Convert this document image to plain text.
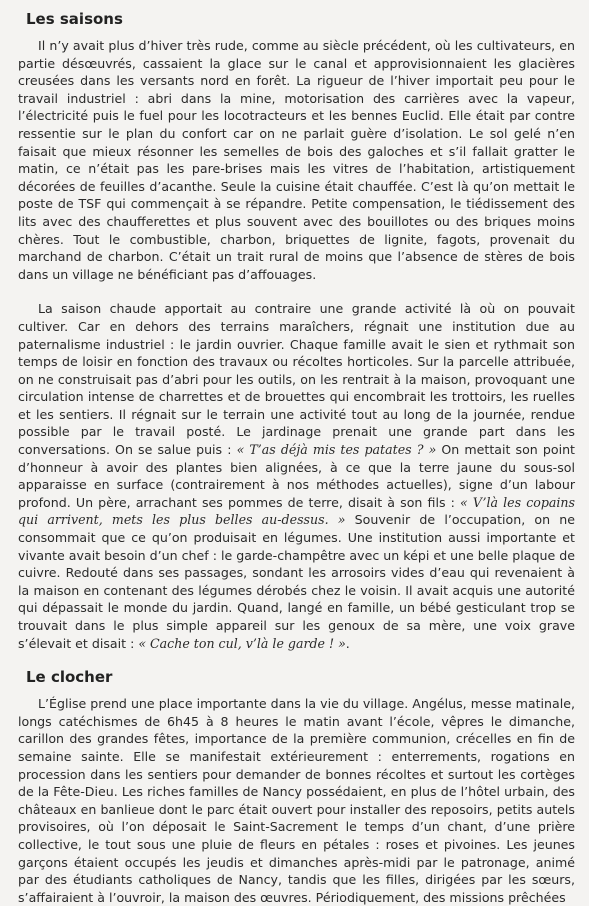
Les saisons

Il n’y avait plus d’hiver très rude, comme au siècle précédent, où les cultivateurs, en partie désœuvrés, cassaient la glace sur le canal et approvisionnaient les glacières creusées dans les versants nord en forêt. La rigueur de l’hiver importait peu pour le travail industriel : abri dans la mine, motorisation des carrières avec la vapeur, l’électricité puis le fuel pour les locotracteurs et les bennes Euclid. Elle était par contre ressentie sur le plan du confort car on ne parlait guère d’isolation. Le sol gelé n’en faisait que mieux résonner les semelles de bois des galoches et s’il fallait gratter le matin, ce n’était pas les pare-brises mais les vitres de l’habitation, artistiquement décorées de feuilles d’acanthe. Seule la cuisine était chauffée. C’est là qu’on mettait le poste de TSF qui commençait à se répandre. Petite compensation, le tiédissement des lits avec des chaufferettes et plus souvent avec des bouillotes ou des briques moins chères. Tout le combustible, charbon, briquettes de lignite, fagots, provenait du marchand de charbon. C’était un trait rural de moins que l’absence de stères de bois dans un village ne bénéficiant pas d’affouages.

La saison chaude apportait au contraire une grande activité là où on pouvait cultiver. Car en dehors des terrains maraîchers, régnait une institution due au paternalisme industriel : le jardin ouvrier. Chaque famille avait le sien et rythmait son temps de loisir en fonction des travaux ou récoltes horticoles. Sur la parcelle attribuée, on ne construisait pas d’abri pour les outils, on les rentrait à la maison, provoquant une circulation intense de charrettes et de brouettes qui encombrait les trottoirs, les ruelles et les sentiers. Il régnait sur le terrain une activité tout au long de la journée, rendue possible par le travail posté. Le jardinage prenait une grande part dans les conversations. On se salue puis : « T’as déjà mis tes patates ? » On mettait son point d’honneur à avoir des plantes bien alignées, à ce que la terre jaune du sous-sol apparaisse en surface (contrairement à nos méthodes actuelles), signe d’un labour profond. Un père, arrachant ses pommes de terre, disait à son fils : « V’là les copains qui arrivent, mets les plus belles au-dessus. » Souvenir de l’occupation, on ne consommait que ce qu’on produisait en légumes. Une institution aussi importante et vivante avait besoin d’un chef : le garde-champêtre avec un képi et une belle plaque de cuivre. Redouté dans ses passages, sondant les arrosoirs vides d’eau qui revenaient à la maison en contenant des légumes dérobés chez le voisin. Il avait acquis une autorité qui dépassait le monde du jardin. Quand, langé en famille, un bébé gesticulant trop se trouvait dans le plus simple appareil sur les genoux de sa mère, une voix grave s’élevait et disait : « Cache ton cul, v’là le garde ! ».

Le clocher

L’Église prend une place importante dans la vie du village. Angélus, messe matinale, longs catéchismes de 6h45 à 8 heures le matin avant l’école, vêpres le dimanche, carillon des grandes fêtes, importance de la première communion, crécelles en fin de semaine sainte. Elle se manifestait extérieurement : enterrements, rogations en procession dans les sentiers pour demander de bonnes récoltes et surtout les cortèges de la Fête-Dieu. Les riches familles de Nancy possédaient, en plus de l’hôtel urbain, des châteaux en banlieue dont le parc était ouvert pour installer des reposoirs, petits autels provisoires, où l’on déposait le Saint-Sacrement le temps d’un chant, d’une prière collective, le tout sous une pluie de fleurs en pétales : roses et pivoines. Les jeunes garçons étaient occupés les jeudis et dimanches après-midi par le patronage, animé par des étudiants catholiques de Nancy, tandis que les filles, dirigées par les sœurs, s’affairaient à l’ouvroir, la maison des œuvres. Périodiquement, des missions prêchées
